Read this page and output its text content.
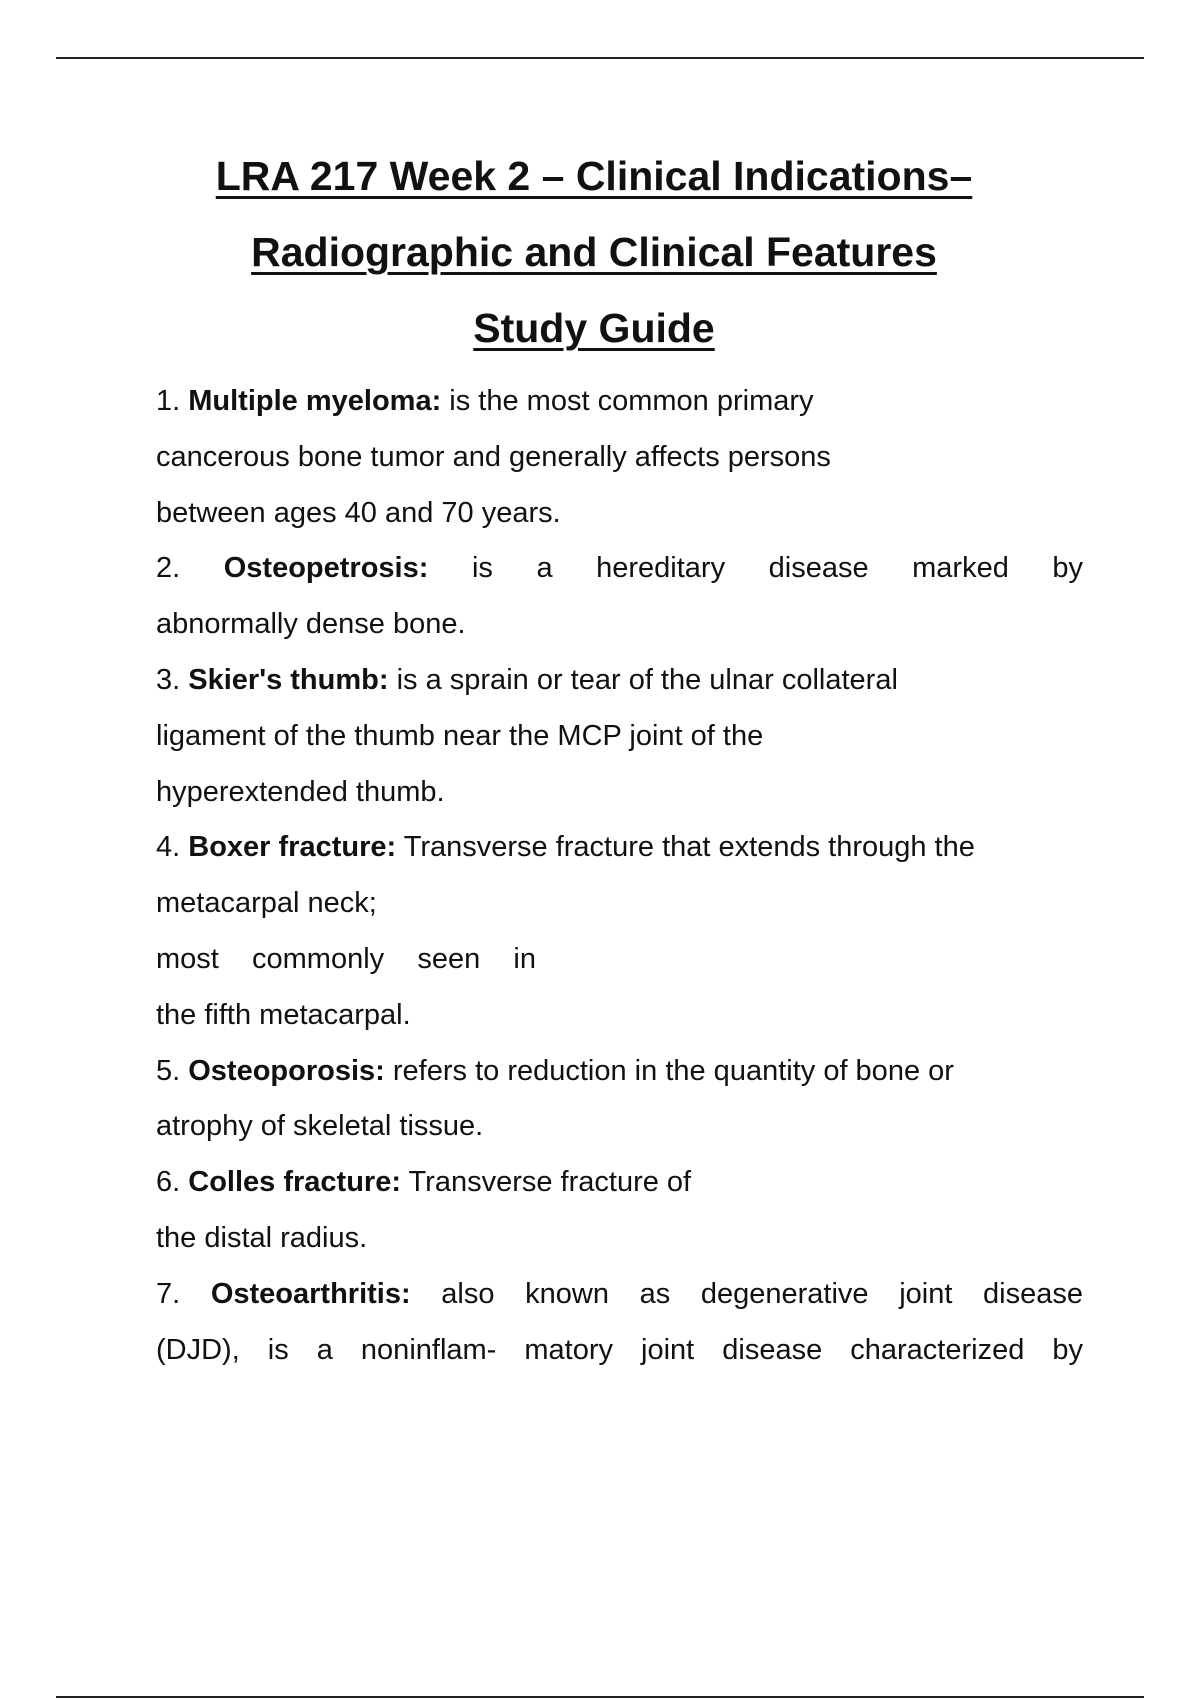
LRA 217 Week 2 – Clinical Indications–
Radiographic and Clinical Features
Study Guide
1. Multiple myeloma: is the most common primary
cancerous bone tumor and generally affects persons
between ages 40 and 70 years.
2. Osteopetrosis: is a hereditary disease marked by
abnormally dense bone.
3. Skier's thumb: is a sprain or tear of the ulnar collateral
ligament of the thumb near the MCP joint of the
hyperextended thumb.
4. Boxer fracture: Transverse fracture that extends through the
metacarpal neck;
most commonly seen in
the fifth metacarpal.
5. Osteoporosis: refers to reduction in the quantity of bone or
atrophy of skeletal tissue.
6. Colles fracture: Transverse fracture of
the distal radius.
7. Osteoarthritis: also known as degenerative joint disease
(DJD), is a noninflam- matory joint disease characterized by
